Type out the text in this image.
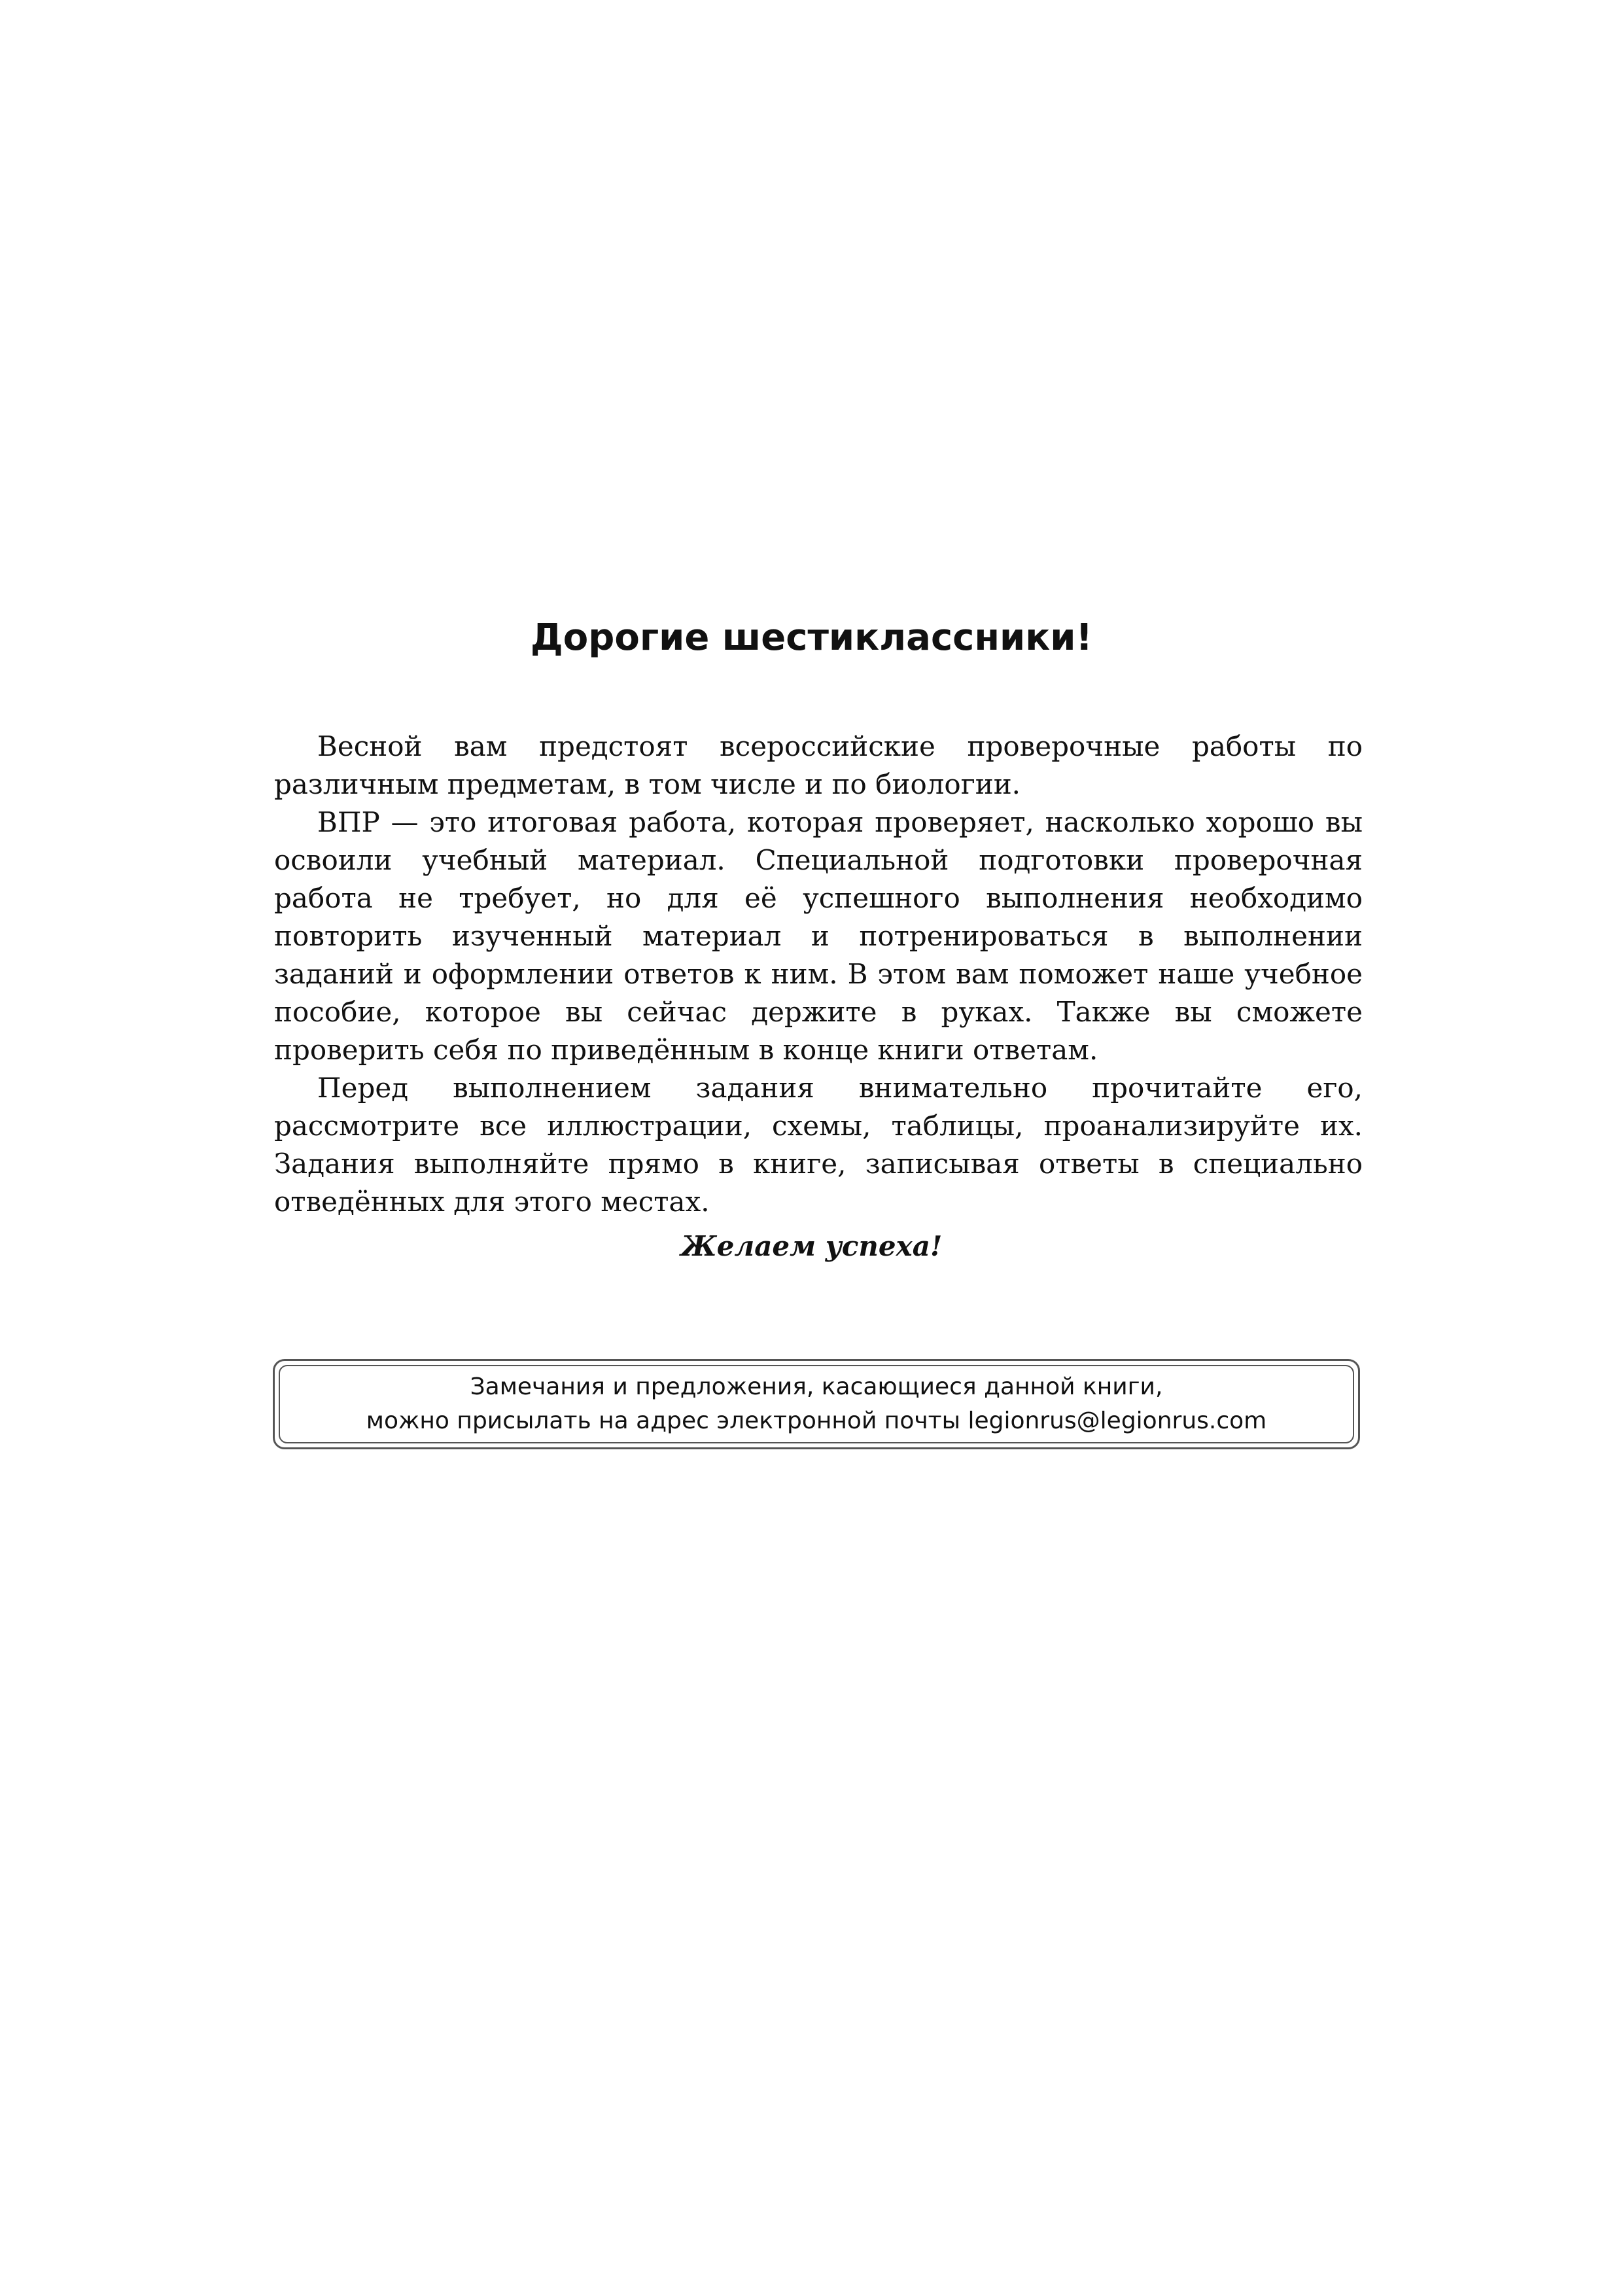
Дорогие шестиклассники!

Весной вам предстоят всероссийские проверочные работы по различным предметам, в том числе и по биологии.

ВПР — это итоговая работа, которая проверяет, насколько хорошо вы освоили учебный материал. Специальной подготовки проверочная работа не требует, но для её успешного выполнения необходимо повторить изученный материал и потренироваться в выполнении заданий и оформлении ответов к ним. В этом вам поможет наше учебное пособие, которое вы сейчас держите в руках. Также вы сможете проверить себя по приведённым в конце книги ответам.

Перед выполнением задания внимательно прочитайте его, рассмотрите все иллюстрации, схемы, таблицы, проанализируйте их. Задания выполняйте прямо в книге, записывая ответы в специально отведённых для этого местах.

Желаем успеха!

Замечания и предложения, касающиеся данной книги,
можно присылать на адрес электронной почты legionrus@legionrus.com
